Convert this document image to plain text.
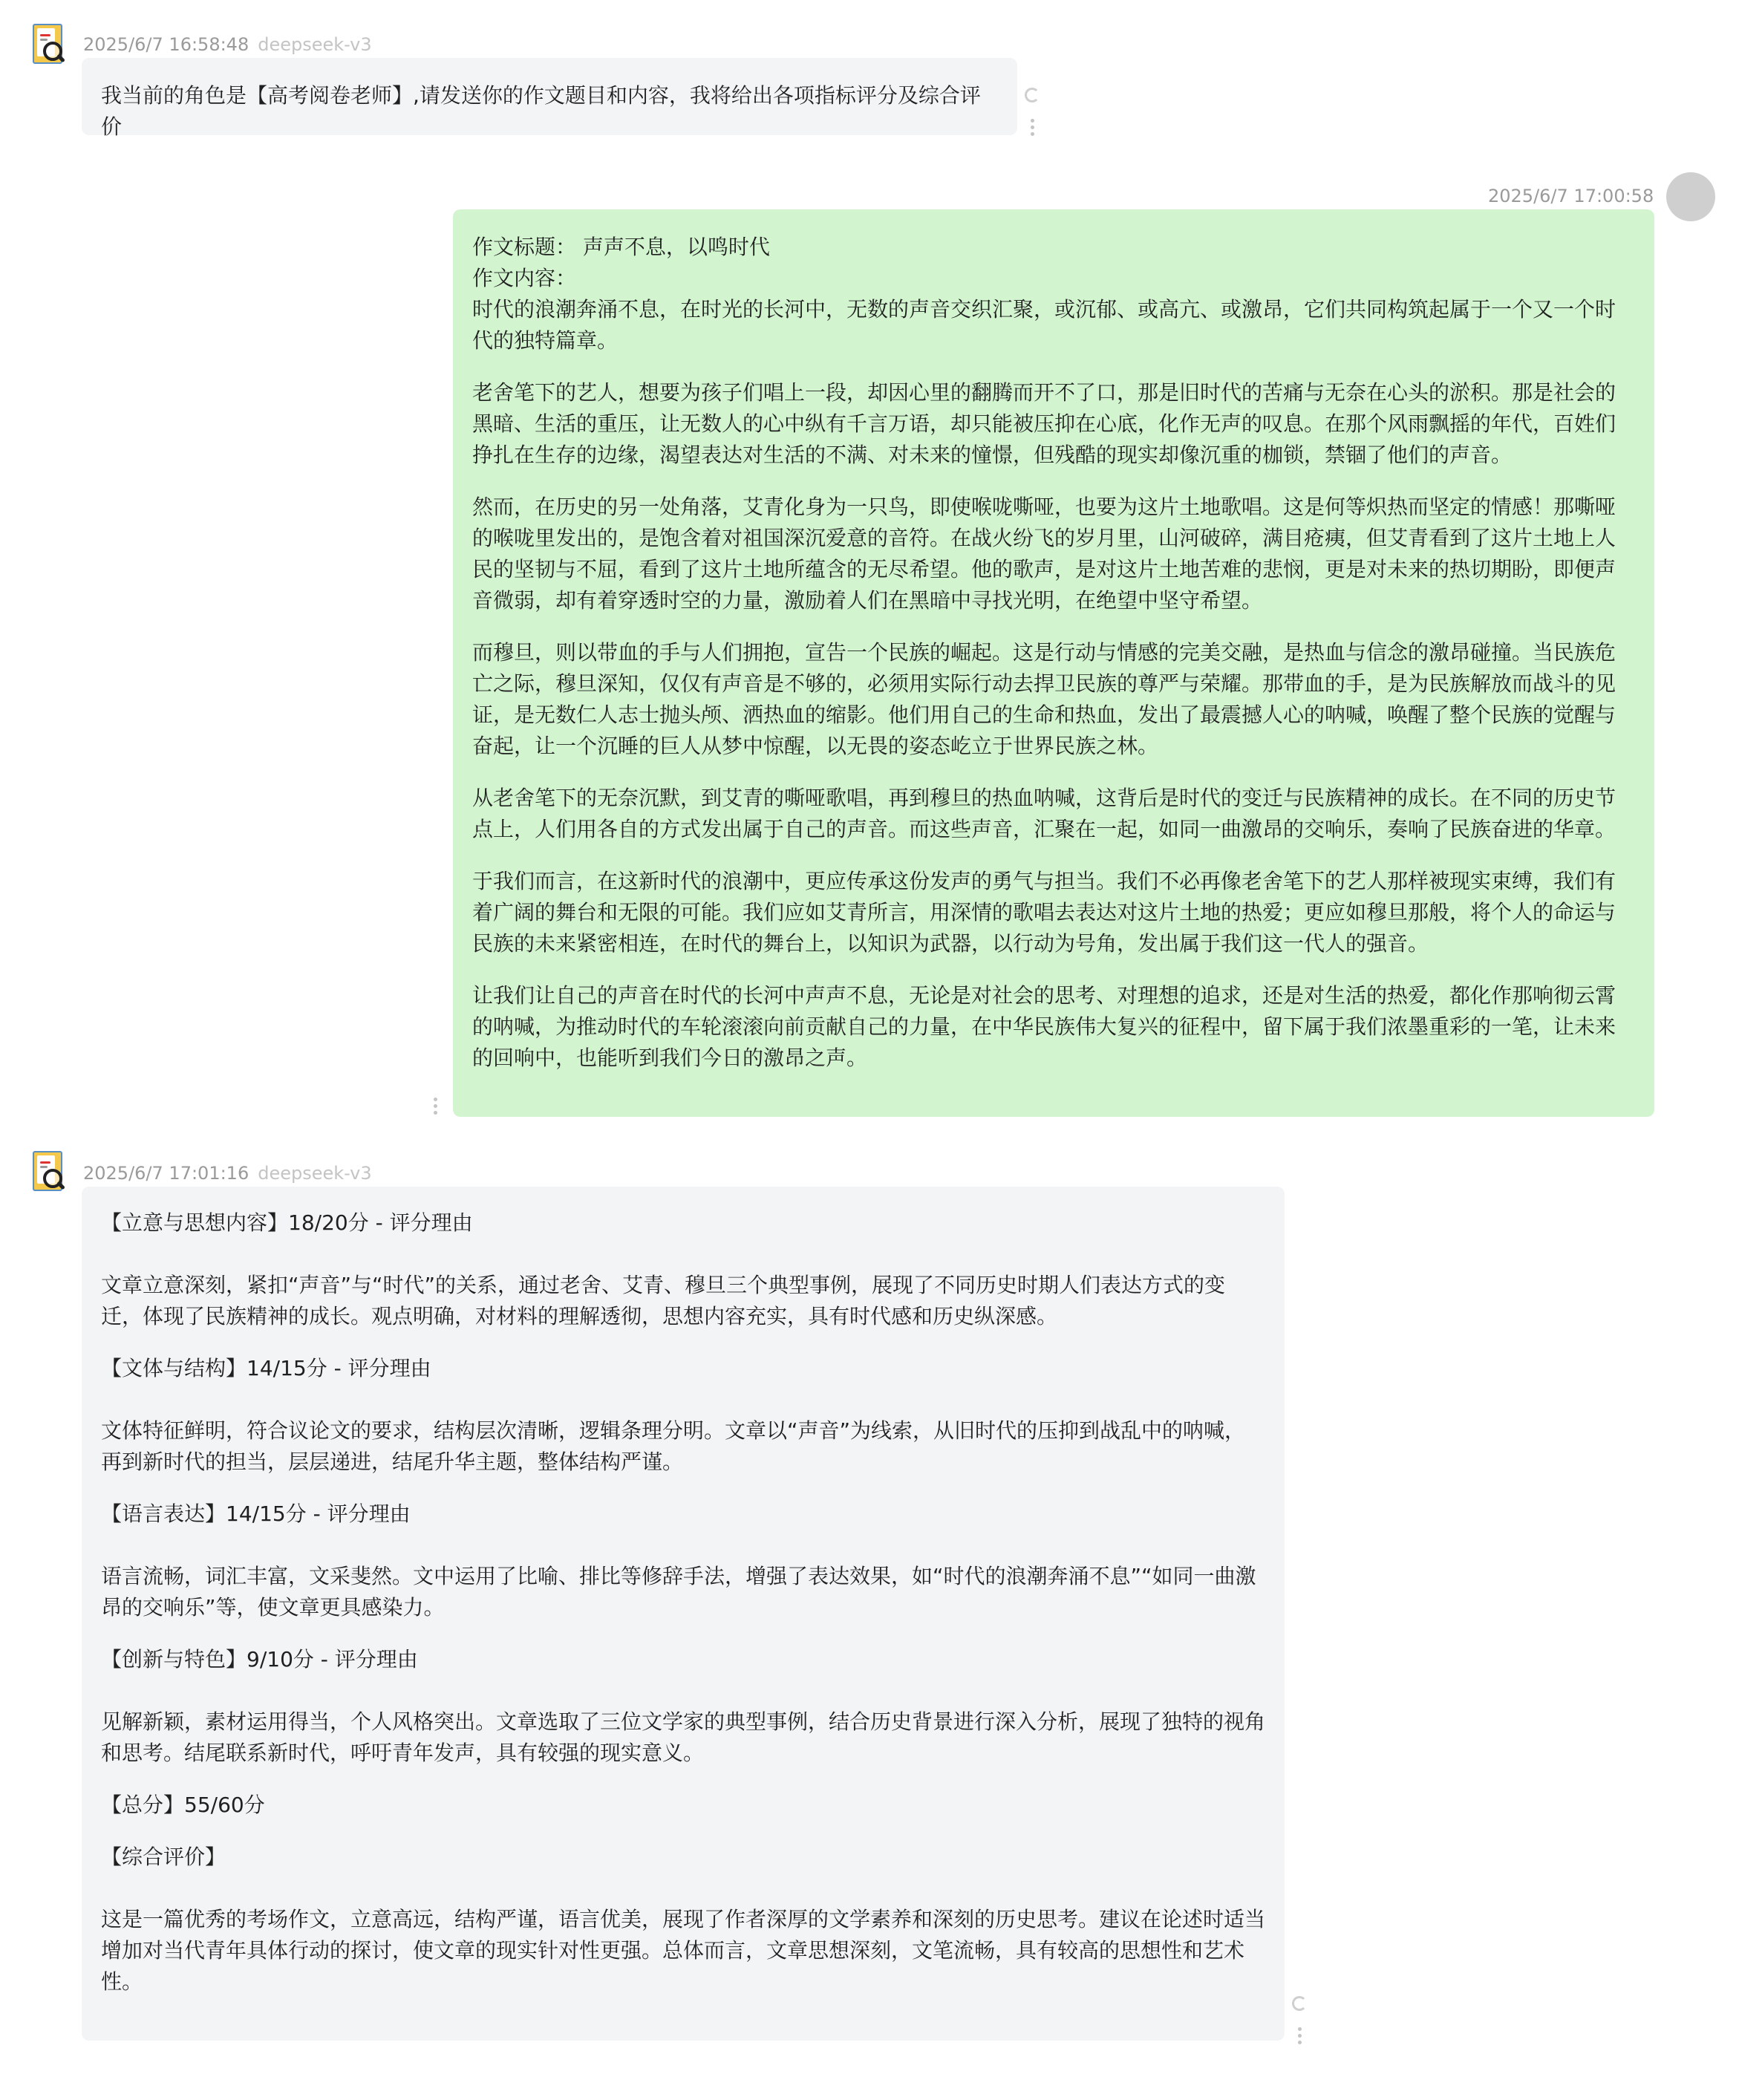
2025/6/7 16:58:48 deepseek-v3

我当前的角色是【高考阅卷老师】,请发送你的作文题目和内容，我将给出各项指标评分及综合评价

2025/6/7 17:00:58

作文标题： 声声不息，以鸣时代

作文内容：

时代的浪潮奔涌不息，在时光的长河中，无数的声音交织汇聚，或沉郁、或高亢、或激昂，它们共同构筑起属于一个又一个时代的独特篇章。

老舍笔下的艺人，想要为孩子们唱上一段，却因心里的翻腾而开不了口，那是旧时代的苦痛与无奈在心头的淤积。那是社会的黑暗、生活的重压，让无数人的心中纵有千言万语，却只能被压抑在心底，化作无声的叹息。在那个风雨飘摇的年代，百姓们挣扎在生存的边缘，渴望表达对生活的不满、对未来的憧憬，但残酷的现实却像沉重的枷锁，禁锢了他们的声音。

然而，在历史的另一处角落，艾青化身为一只鸟，即使喉咙嘶哑，也要为这片土地歌唱。这是何等炽热而坚定的情感！那嘶哑的喉咙里发出的，是饱含着对祖国深沉爱意的音符。在战火纷飞的岁月里，山河破碎，满目疮痍，但艾青看到了这片土地上人民的坚韧与不屈，看到了这片土地所蕴含的无尽希望。他的歌声，是对这片土地苦难的悲悯，更是对未来的热切期盼，即便声音微弱，却有着穿透时空的力量，激励着人们在黑暗中寻找光明，在绝望中坚守希望。

而穆旦，则以带血的手与人们拥抱，宣告一个民族的崛起。这是行动与情感的完美交融，是热血与信念的激昂碰撞。当民族危亡之际，穆旦深知，仅仅有声音是不够的，必须用实际行动去捍卫民族的尊严与荣耀。那带血的手，是为民族解放而战斗的见证，是无数仁人志士抛头颅、洒热血的缩影。他们用自己的生命和热血，发出了最震撼人心的呐喊，唤醒了整个民族的觉醒与奋起，让一个沉睡的巨人从梦中惊醒，以无畏的姿态屹立于世界民族之林。

从老舍笔下的无奈沉默，到艾青的嘶哑歌唱，再到穆旦的热血呐喊，这背后是时代的变迁与民族精神的成长。在不同的历史节点上，人们用各自的方式发出属于自己的声音。而这些声音，汇聚在一起，如同一曲激昂的交响乐，奏响了民族奋进的华章。

于我们而言，在这新时代的浪潮中，更应传承这份发声的勇气与担当。我们不必再像老舍笔下的艺人那样被现实束缚，我们有着广阔的舞台和无限的可能。我们应如艾青所言，用深情的歌唱去表达对这片土地的热爱；更应如穆旦那般，将个人的命运与民族的未来紧密相连，在时代的舞台上，以知识为武器，以行动为号角，发出属于我们这一代人的强音。

让我们让自己的声音在时代的长河中声声不息，无论是对社会的思考、对理想的追求，还是对生活的热爱，都化作那响彻云霄的呐喊，为推动时代的车轮滚滚向前贡献自己的力量，在中华民族伟大复兴的征程中，留下属于我们浓墨重彩的一笔，让未来的回响中，也能听到我们今日的激昂之声。

2025/6/7 17:01:16 deepseek-v3

【立意与思想内容】18/20分 - 评分理由

文章立意深刻，紧扣“声音”与“时代”的关系，通过老舍、艾青、穆旦三个典型事例，展现了不同历史时期人们表达方式的变迁，体现了民族精神的成长。观点明确，对材料的理解透彻，思想内容充实，具有时代感和历史纵深感。

【文体与结构】14/15分 - 评分理由

文体特征鲜明，符合议论文的要求，结构层次清晰，逻辑条理分明。文章以“声音”为线索，从旧时代的压抑到战乱中的呐喊，再到新时代的担当，层层递进，结尾升华主题，整体结构严谨。

【语言表达】14/15分 - 评分理由

语言流畅，词汇丰富，文采斐然。文中运用了比喻、排比等修辞手法，增强了表达效果，如“时代的浪潮奔涌不息”“如同一曲激昂的交响乐”等，使文章更具感染力。

【创新与特色】9/10分 - 评分理由

见解新颖，素材运用得当，个人风格突出。文章选取了三位文学家的典型事例，结合历史背景进行深入分析，展现了独特的视角和思考。结尾联系新时代，呼吁青年发声，具有较强的现实意义。

【总分】55/60分

【综合评价】

这是一篇优秀的考场作文，立意高远，结构严谨，语言优美，展现了作者深厚的文学素养和深刻的历史思考。建议在论述时适当增加对当代青年具体行动的探讨，使文章的现实针对性更强。总体而言，文章思想深刻，文笔流畅，具有较高的思想性和艺术性。
